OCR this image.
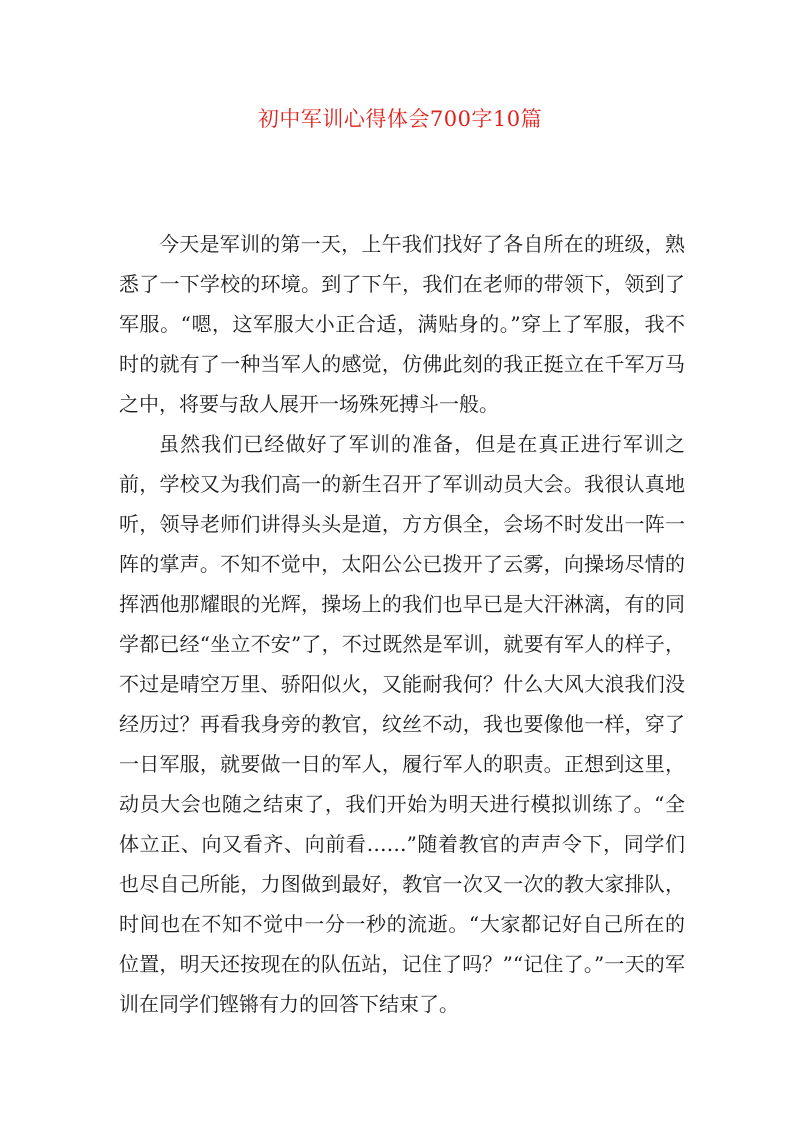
初中军训心得体会700字10篇

今天是军训的第一天，上午我们找好了各自所在的班级，熟悉了一下学校的环境。到了下午，我们在老师的带领下，领到了军服。“嗯，这军服大小正合适，满贴身的。”穿上了军服，我不时的就有了一种当军人的感觉，仿佛此刻的我正挺立在千军万马之中，将要与敌人展开一场殊死搏斗一般。

虽然我们已经做好了军训的准备，但是在真正进行军训之前，学校又为我们高一的新生召开了军训动员大会。我很认真地听，领导老师们讲得头头是道，方方俱全，会场不时发出一阵一阵的掌声。不知不觉中，太阳公公已拨开了云雾，向操场尽情的挥洒他那耀眼的光辉，操场上的我们也早已是大汗淋漓，有的同学都已经“坐立不安”了，不过既然是军训，就要有军人的样子，不过是晴空万里、骄阳似火，又能耐我何？什么大风大浪我们没经历过？再看我身旁的教官，纹丝不动，我也要像他一样，穿了一日军服，就要做一日的军人，履行军人的职责。正想到这里，动员大会也随之结束了，我们开始为明天进行模拟训练了。“全体立正、向又看齐、向前看……”随着教官的声声令下，同学们也尽自己所能，力图做到最好，教官一次又一次的教大家排队，时间也在不知不觉中一分一秒的流逝。“大家都记好自己所在的位置，明天还按现在的队伍站，记住了吗？”“记住了。”一天的军训在同学们铿锵有力的回答下结束了。
